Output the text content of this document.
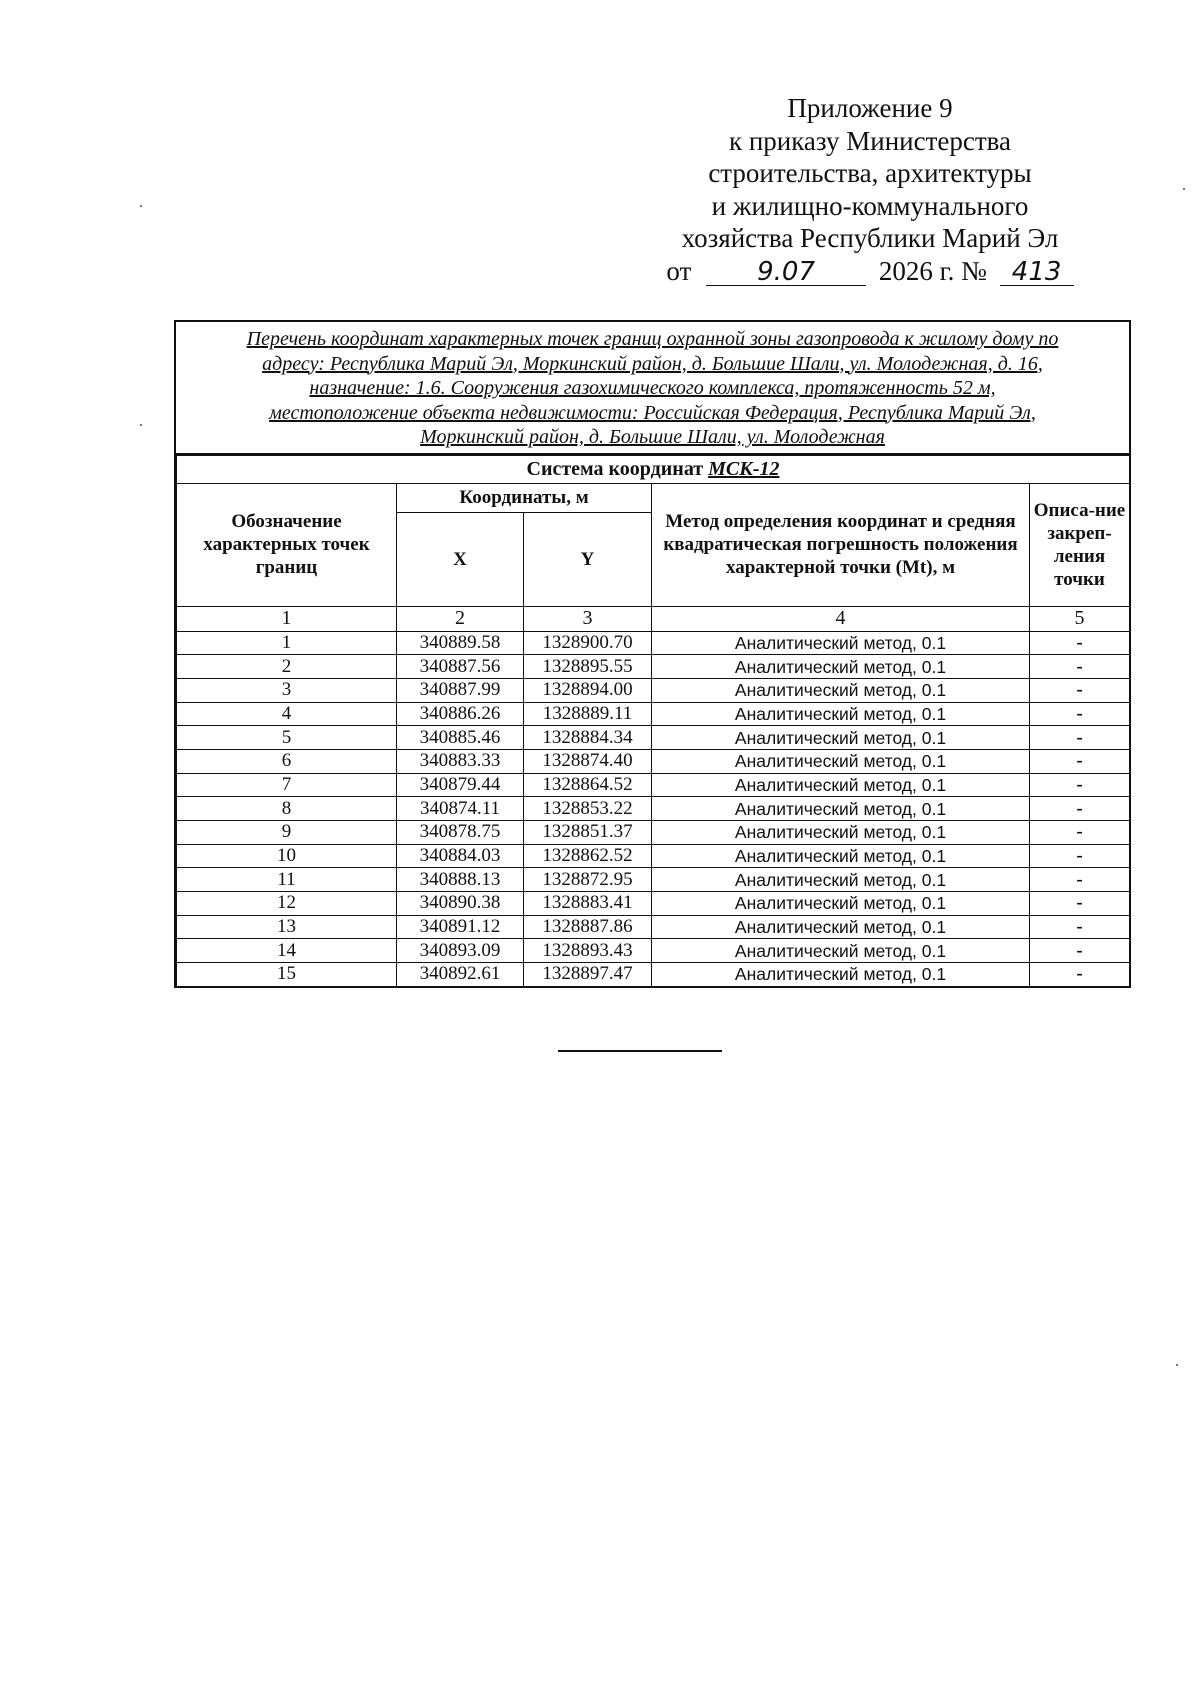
Приложение 9
к приказу Министерства
строительства, архитектуры
и жилищно-коммунального
хозяйства Республики Марий Эл
от	9.07 2026 г. № 413
Перечень координат характерных точек границ охранной зоны газопровода к жилому дому по
адресу: Республика Марий Эл, Моркинский район, д. Большие Шали, ул. Молодежная, д. 16,
назначение: 1.6. Сооружения газохимического комплекса, протяженность 52 м,
местоположение объекта недвижимости: Российская Федерация, Республика Марий Эл,
Моркинский район, д. Большие Шали, ул. Молодежная
Система координат МСК-12				
Обозначение характерных точек границ	Координаты, м		Метод определения координат и средняя квадратическая погрешность положения характерной точки (Mt), м	Описа-ние закреп-ления точки
	X	Y		
1	2	3	4	5
1	340889.58	1328900.70	Аналитический метод, 0.1	-
2	340887.56	1328895.55	Аналитический метод, 0.1	-
3	340887.99	1328894.00	Аналитический метод, 0.1	-
4	340886.26	1328889.11	Аналитический метод, 0.1	-
5	340885.46	1328884.34	Аналитический метод, 0.1	-
6	340883.33	1328874.40	Аналитический метод, 0.1	-
7	340879.44	1328864.52	Аналитический метод, 0.1	-
8	340874.11	1328853.22	Аналитический метод, 0.1	-
9	340878.75	1328851.37	Аналитический метод, 0.1	-
10	340884.03	1328862.52	Аналитический метод, 0.1	-
11	340888.13	1328872.95	Аналитический метод, 0.1	-
12	340890.38	1328883.41	Аналитический метод, 0.1	-
13	340891.12	1328887.86	Аналитический метод, 0.1	-
14	340893.09	1328893.43	Аналитический метод, 0.1	-
15	340892.61	1328897.47	Аналитический метод, 0.1	-
